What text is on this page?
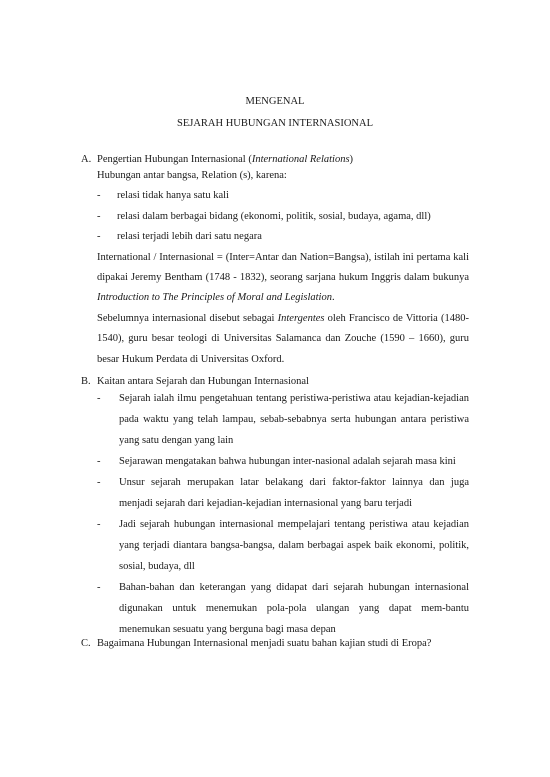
MENGENAL
SEJARAH HUBUNGAN INTERNASIONAL
A. Pengertian Hubungan Internasional (International Relations)
Hubungan antar bangsa, Relation (s), karena:
-	relasi tidak hanya satu kali
-	relasi dalam berbagai bidang (ekonomi, politik, sosial, budaya, agama, dll)
-	relasi terjadi lebih dari satu negara
International / Internasional = (Inter=Antar dan Nation=Bangsa), istilah ini pertama kali dipakai Jeremy Bentham (1748 - 1832), seorang sarjana hukum Inggris dalam bukunya Introduction to The Principles of Moral and Legislation.
Sebelumnya internasional disebut sebagai Intergentes oleh Francisco de Vittoria (1480-1540), guru besar teologi di Universitas Salamanca dan Zouche (1590 – 1660), guru besar Hukum Perdata di Universitas Oxford.
B. Kaitan antara Sejarah dan Hubungan Internasional
-	Sejarah ialah ilmu pengetahuan tentang peristiwa-peristiwa atau kejadian-kejadian pada waktu yang telah lampau, sebab-sebabnya serta hubungan antara peristiwa yang satu dengan yang lain
-	Sejarawan mengatakan bahwa hubungan inter-nasional adalah sejarah masa kini
-	Unsur sejarah merupakan latar belakang dari faktor-faktor lainnya dan juga menjadi sejarah dari kejadian-kejadian internasional yang baru terjadi
-	Jadi sejarah hubungan internasional mempelajari tentang peristiwa atau kejadian yang terjadi diantara bangsa-bangsa, dalam berbagai aspek baik ekonomi, politik, sosial, budaya, dll
-	Bahan-bahan dan keterangan yang didapat dari sejarah hubungan internasional digunakan untuk menemukan pola-pola ulangan yang dapat mem-bantu menemukan sesuatu yang berguna bagi masa depan
C. Bagaimana Hubungan Internasional menjadi suatu bahan kajian studi di Eropa?
